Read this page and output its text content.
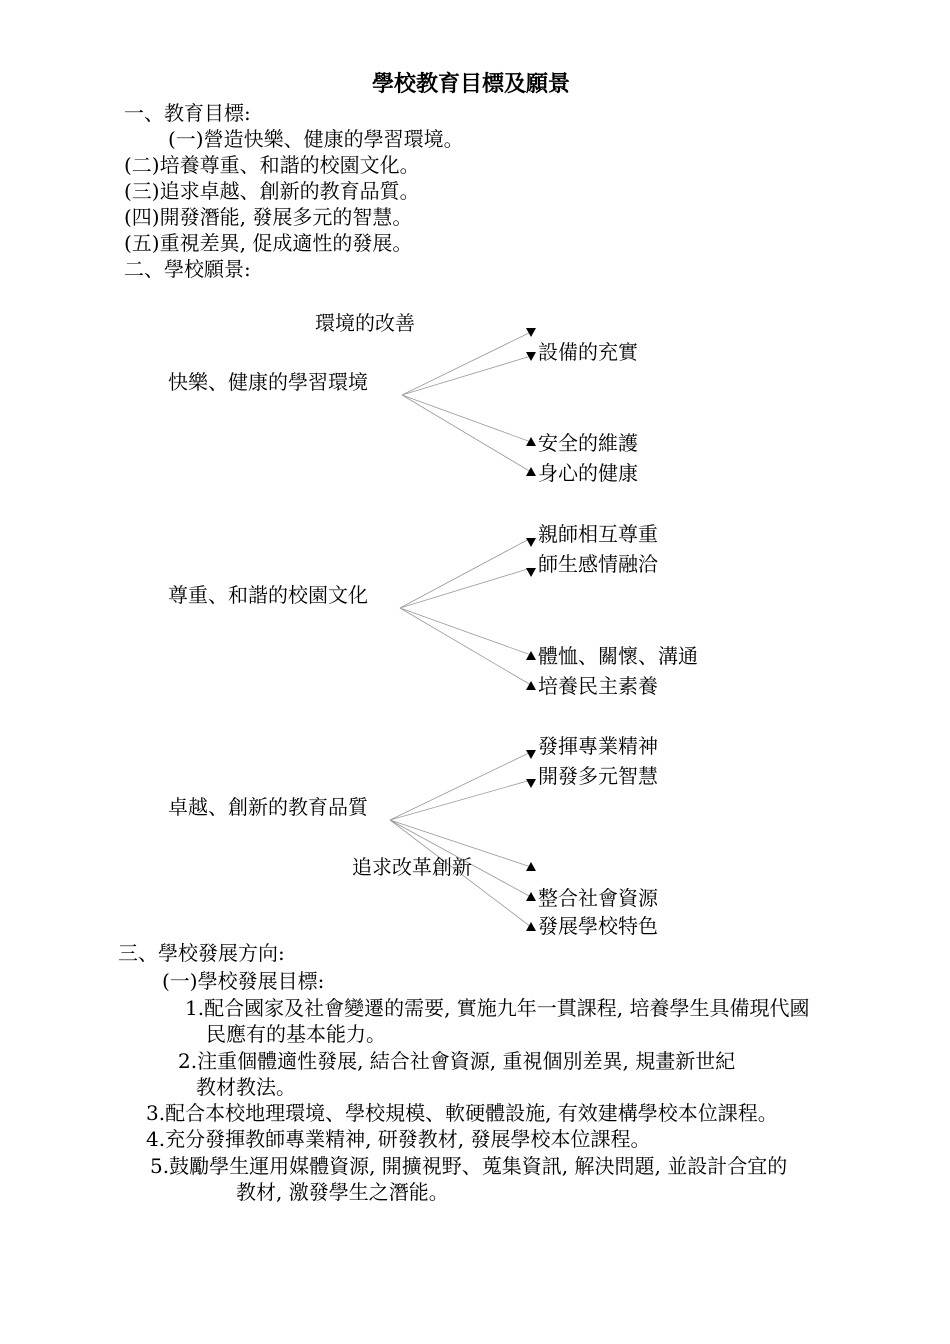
學校教育目標及願景
一、教育目標:
(一)營造快樂、健康的學習環境。
(二)培養尊重、和諧的校園文化。
(三)追求卓越、創新的教育品質。
(四)開發潛能, 發展多元的智慧。
(五)重視差異, 促成適性的發展。
二、學校願景:
環境的改善
快樂、健康的學習環境
設備的充實
安全的維護
身心的健康
尊重、和諧的校園文化
親師相互尊重
師生感情融洽
體恤、關懷、溝通
培養民主素養
卓越、創新的教育品質
發揮專業精神
開發多元智慧
追求改革創新
整合社會資源
發展學校特色
三、學校發展方向:
(一)學校發展目標:
1.配合國家及社會變遷的需要, 實施九年一貫課程, 培養學生具備現代國
民應有的基本能力。
2.注重個體適性發展, 結合社會資源, 重視個別差異, 規畫新世紀
教材教法。
3.配合本校地理環境、學校規模、軟硬體設施, 有效建構學校本位課程。
4.充分發揮教師專業精神, 研發教材, 發展學校本位課程。
5.鼓勵學生運用媒體資源, 開擴視野、蒐集資訊, 解決問題, 並設計合宜的
教材, 激發學生之潛能。
